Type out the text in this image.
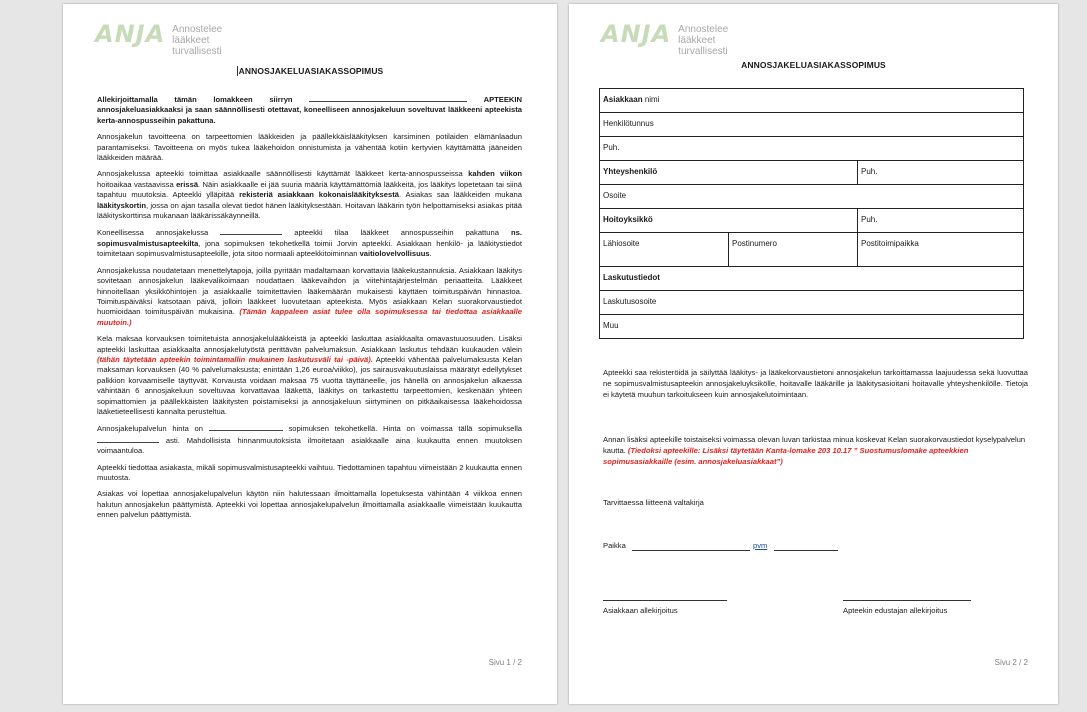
ANJA Annostelee lääkkeet turvallisesti
ANNOSJAKELUASIAKASSOPIMUS

Allekirjoittamalla tämän lomakkeen siirryn	APTEEKIN annosjakeluasiakkaaksi ja saan säännöllisesti otettavat, koneelliseen annosjakeluun soveltuvat lääkkeeni apteekista kerta-annospusseihin pakattuna.

Annosjakelun tavoitteena on tarpeettomien lääkkeiden ja päällekkäislääkityksen karsiminen potilaiden elämänlaadun parantamiseksi. Tavoitteena on myös tukea lääkehoidon onnistumista ja vähentää kotiin kertyvien käyttämättä jääneiden lääkkeiden määrää.

Annosjakelussa apteekki toimittaa asiakkaalle säännöllisesti käyttämät lääkkeet kerta-annospusseissa kahden viikon hoitoaikaa vastaavissa erissä. Näin asiakkaalle ei jää suuria määriä käyttämättömiä lääkkeitä, jos lääkitys lopetetaan tai siinä tapahtuu muutoksia. Apteekki ylläpitää rekisteriä asiakkaan kokonaislääkityksestä. Asiakas saa lääkkeiden mukana lääkityskortin, jossa on ajan tasalla olevat tiedot hänen lääkityksestään. Hoitavan lääkärin työn helpottamiseksi asiakas pitää lääkityskorttinsa mukanaan lääkärissäkäynneillä.

Koneellisessa annosjakelussa	apteekki tilaa lääkkeet annospusseihin pakattuna ns. sopimusvalmistusapteekilta, jona sopimuksen tekohetkellä toimii Jorvin apteekki. Asiakkaan henkilö- ja lääkitystiedot toimitetaan sopimusvalmistusapteekille, jota sitoo normaali apteekkitoiminnan vaitiolovelvollisuus.

Annosjakelussa noudatetaan menettelytapoja, joilla pyritään madaltamaan korvattavia lääkekustannuksia. Asiakkaan lääkitys sovitetaan annosjakelun lääkevalikoimaan noudattaen lääkevaihdon ja viitehintajärjestelmän periaatteita. Lääkkeet hinnoitellaan yksikköhintojen ja asiakkaalle toimitettavien lääkemäärän mukaisesti käyttäen toimituspäivän hinnastoa. Toimituspäiväksi katsotaan päivä, jolloin lääkkeet luovutetaan apteekista. Myös asiakkaan Kelan suorakorvaustiedot huomioidaan toimituspäivän mukaisina. (Tämän kappaleen asiat tulee olla sopimuksessa tai tiedottaa asiakkaalle muutoin.)

Kela maksaa korvauksen toimitetuista annosjakelulääkkeistä ja apteekki laskuttaa asiakkaalta omavastuuosuuden. Lisäksi apteekki laskuttaa asiakkaalta annosjakelutyöstä perittävän palvelumaksun. Asiakkaan laskutus tehdään kuukauden välein (tähän täytetään apteekin toimintamallin mukainen laskutusväli tai -päivä). Apteekki vähentää palvelumaksusta Kelan maksaman korvauksen (40 % palvelumaksusta; enintään 1,26 euroa/viikko), jos sairausvakuutuslaissa määrätyt edellytykset palkkion korvaamiselle täyttyvät. Korvausta voidaan maksaa 75 vuotta täyttäneelle, jos hänellä on annosjakelun alkaessa vähintään 6 annosjakeluun soveltuvaa korvattavaa lääkettä, lääkitys on tarkastettu tarpeettomien, keskenään yhteen sopimattomien ja päällekkäisten lääkitysten poistamiseksi ja annosjakeluun siirtyminen on pitkäaikaisessa lääkehoidossa lääketieteellisesti kannalta perusteltua.

Annosjakelupalvelun hinta on	sopimuksen tekohetkellä. Hinta on voimassa tällä sopimuksella  asti. Mahdollisista hinnanmuutoksista ilmoitetaan asiakkaalle aina kuukautta ennen muutoksen voimaantuloa.

Apteekki tiedottaa asiakasta, mikäli sopimusvalmistusapteekki vaihtuu. Tiedottaminen tapahtuu viimeistään 2 kuukautta ennen muutosta.

Asiakas voi lopettaa annosjakelupalvelun käytön niin halutessaan ilmoittamalla lopetuksesta vähintään 4 viikkoa ennen halutun annosjakelun päättymistä. Apteekki voi lopettaa annosjakelupalvelun ilmoittamalla asiakkaalle viimeistään kuukautta ennen palvelun päättymistä.

Sivu 1 / 2
ANJA Annostelee lääkkeet turvallisesti
ANNOSJAKELUASIAKASSOPIMUS
Asiakkaan nimi
Henkilötunnus
Puh.
Yhteyshenkilö	Puh.
Osoite
Hoitoyksikkö	Puh.
Lähiosoite	Postinumero	Postitoimipaikka
Laskutustiedot
Laskutusosoite
Muu
Apteekki saa rekisteröidä ja säilyttää lääkitys- ja lääkekorvaustietoni annosjakelun tarkoittamassa laajuudessa sekä luovuttaa ne sopimusvalmistusapteekin annosjakeluyksikölle, hoitavalle lääkärille ja lääkitysasioitani hoitavalle yhteyshenkilölle. Tietoja ei käytetä muuhun tarkoitukseen kuin annosjakelutoimintaan.
Annan lisäksi apteekille toistaiseksi voimassa olevan luvan tarkistaa minua koskevat Kelan suorakorvaustiedot kyselypalvelun kautta. (Tiedoksi apteekille: Lisäksi täytetään Kanta-lomake 203 10.17 ” Suostumuslomake apteekkien sopimusasiakkaille (esim. annosjakeluasiakkaat”)
Tarvittaessa liitteenä valtakirja
Paikka	pvm
Asiakkaan allekirjoitus	Apteekin edustajan allekirjoitus
Sivu 2 / 2
